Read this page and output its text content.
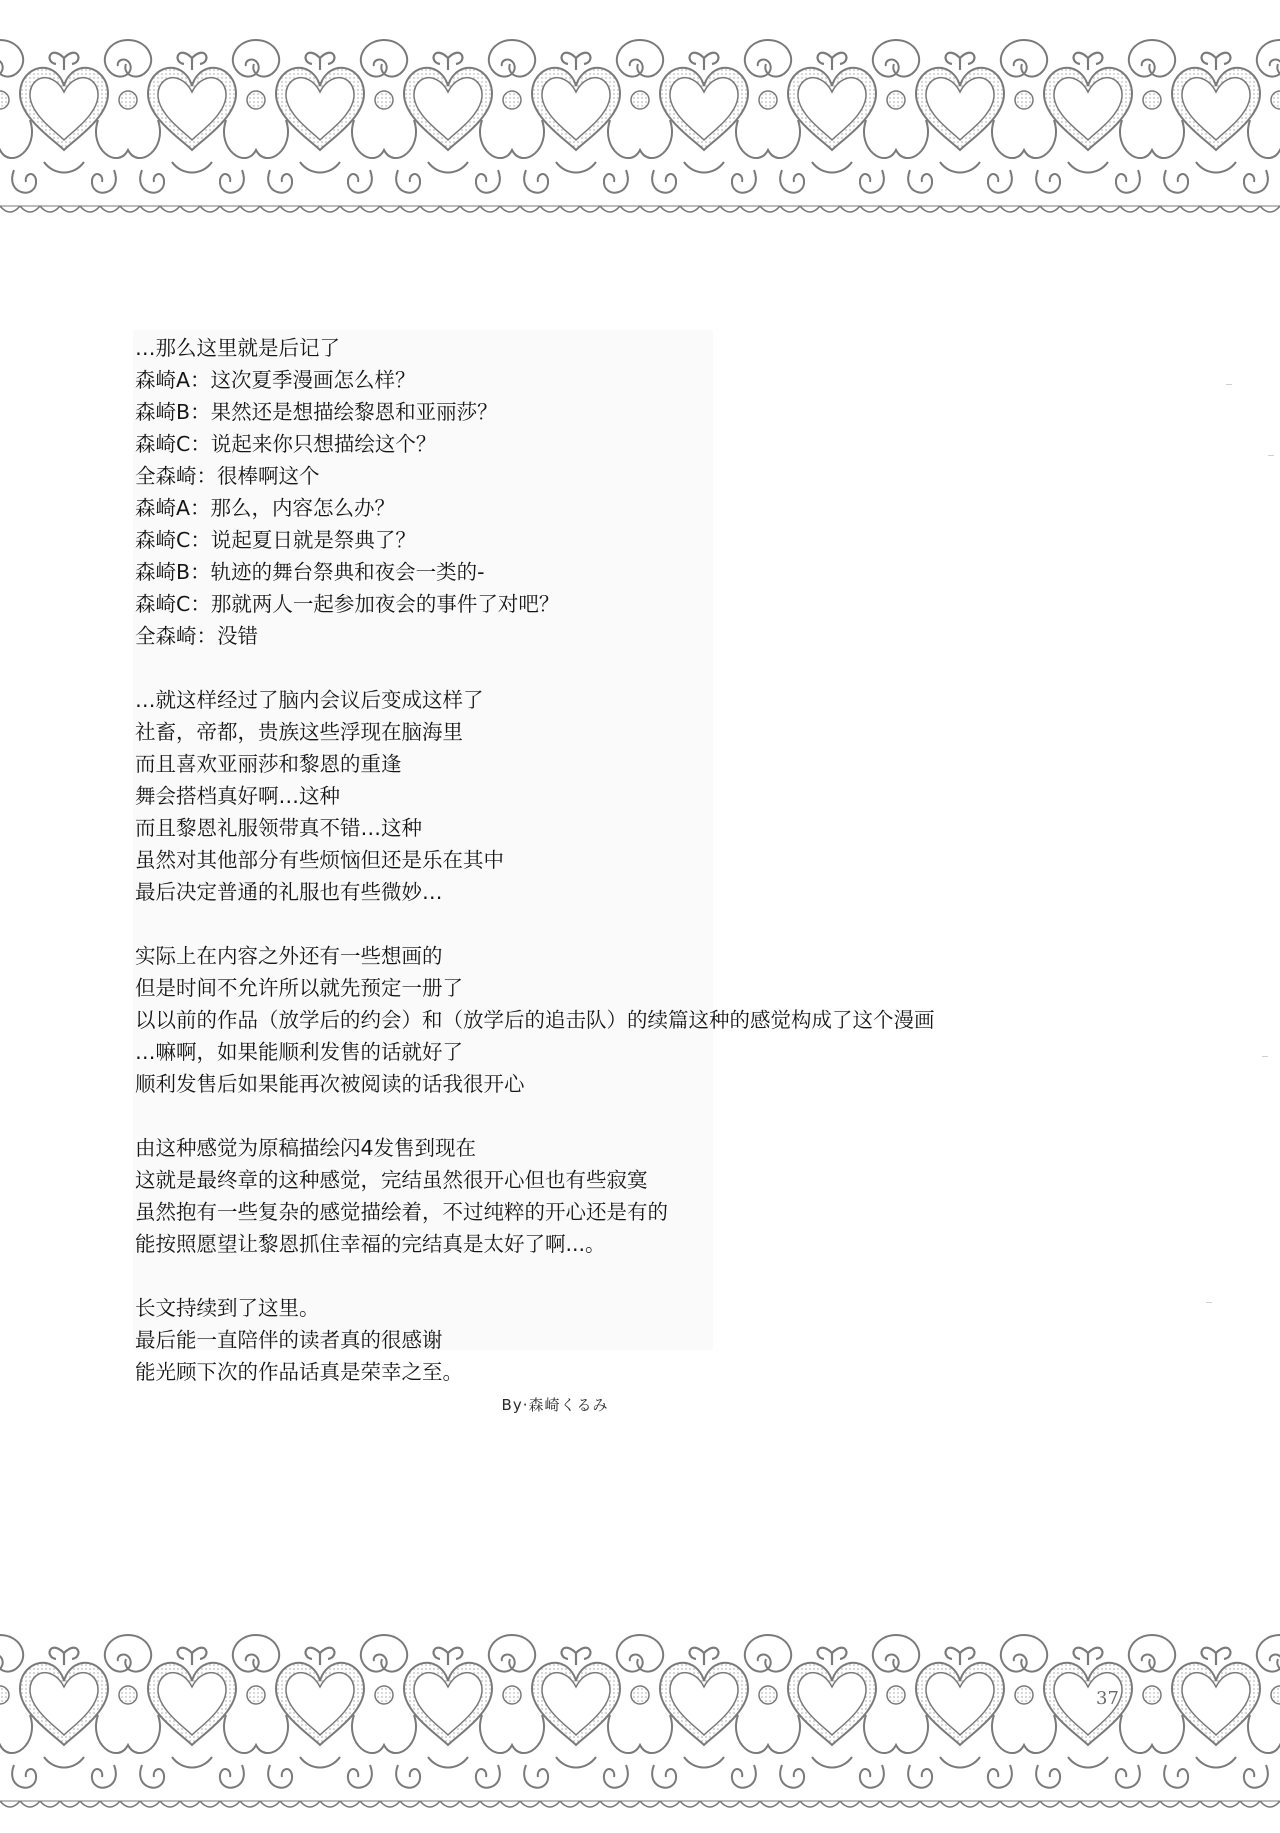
…那么这里就是后记了
森崎A：这次夏季漫画怎么样？
森崎B：果然还是想描绘黎恩和亚丽莎？
森崎C：说起来你只想描绘这个？
全森崎：很棒啊这个
森崎A：那么，内容怎么办？
森崎C：说起夏日就是祭典了？
森崎B：轨迹的舞台祭典和夜会一类的-
森崎C：那就两人一起参加夜会的事件了对吧？
全森崎：没错
…就这样经过了脑内会议后变成这样了
社畜，帝都，贵族这些浮现在脑海里
而且喜欢亚丽莎和黎恩的重逢
舞会搭档真好啊…这种
而且黎恩礼服领带真不错…这种
虽然对其他部分有些烦恼但还是乐在其中
最后决定普通的礼服也有些微妙…
实际上在内容之外还有一些想画的
但是时间不允许所以就先预定一册了
以以前的作品（放学后的约会）和（放学后的追击队）的续篇这种的感觉构成了这个漫画
…嘛啊，如果能顺利发售的话就好了
顺利发售后如果能再次被阅读的话我很开心
由这种感觉为原稿描绘闪4发售到现在
这就是最终章的这种感觉，完结虽然很开心但也有些寂寞
虽然抱有一些复杂的感觉描绘着，不过纯粹的开心还是有的
能按照愿望让黎恩抓住幸福的完结真是太好了啊...。
长文持续到了这里。
最后能一直陪伴的读者真的很感谢
能光顾下次的作品话真是荣幸之至。
By·森崎くるみ
37
